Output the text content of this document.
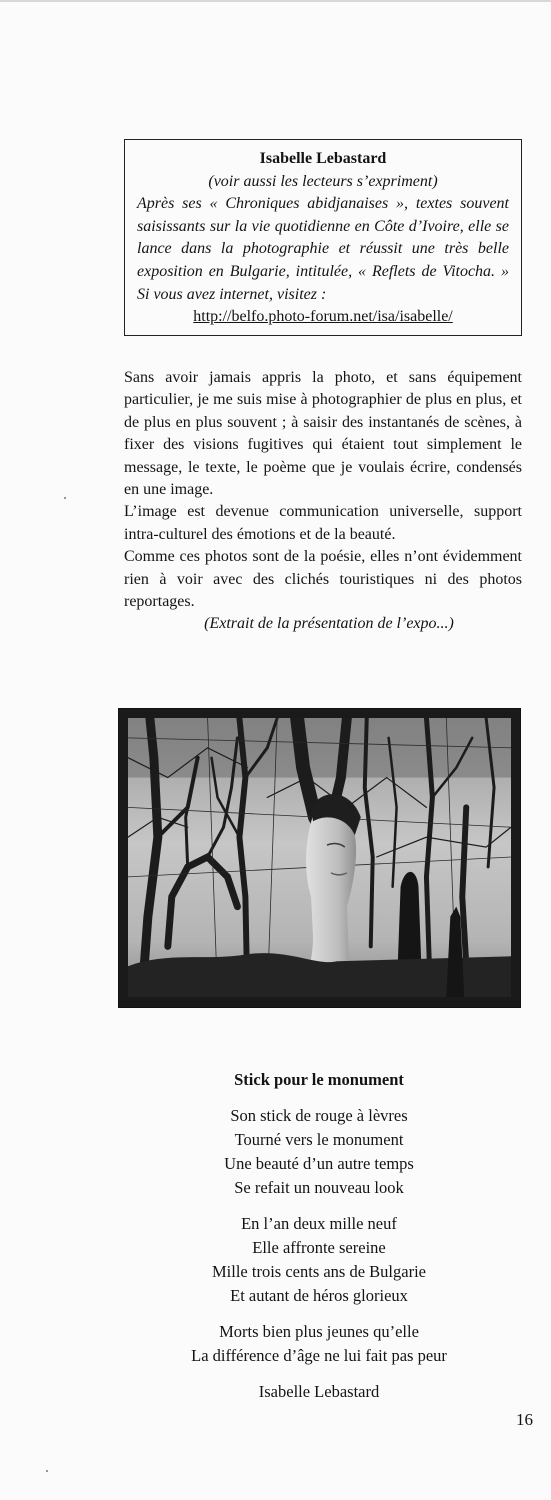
Isabelle Lebastard
(voir aussi les lecteurs s’expriment)
Après ses « Chroniques abidjanaises », textes souvent saisissants sur la vie quotidienne en Côte d’Ivoire, elle se lance dans la photographie et réussit une très belle exposition en Bulgarie, intitulée, « Reflets de Vitocha. » Si vous avez internet, visitez :
http://belfo.photo-forum.net/isa/isabelle/

Sans avoir jamais appris la photo, et sans équipement particulier, je me suis mise à photographier de plus en plus, et de plus en plus souvent ; à saisir des instantanés de scènes, à fixer des visions fugitives qui étaient tout simplement le message, le texte, le poème que je voulais écrire, condensés en une image.

L’image est devenue communication universelle, support intra-culturel des émotions et de la beauté.

Comme ces photos sont de la poésie, elles n’ont évidemment rien à voir avec des clichés touristiques ni des photos reportages.

(Extrait de la présentation de l’expo...)

Stick pour le monument
Son stick de rouge à lèvres
Tourné vers le monument
Une beauté d’un autre temps
Se refait un nouveau look
En l’an deux mille neuf
Elle affronte sereine
Mille trois cents ans de Bulgarie
Et autant de héros glorieux
Morts bien plus jeunes qu’elle
La différence d’âge ne lui fait pas peur
Isabelle Lebastard
16
